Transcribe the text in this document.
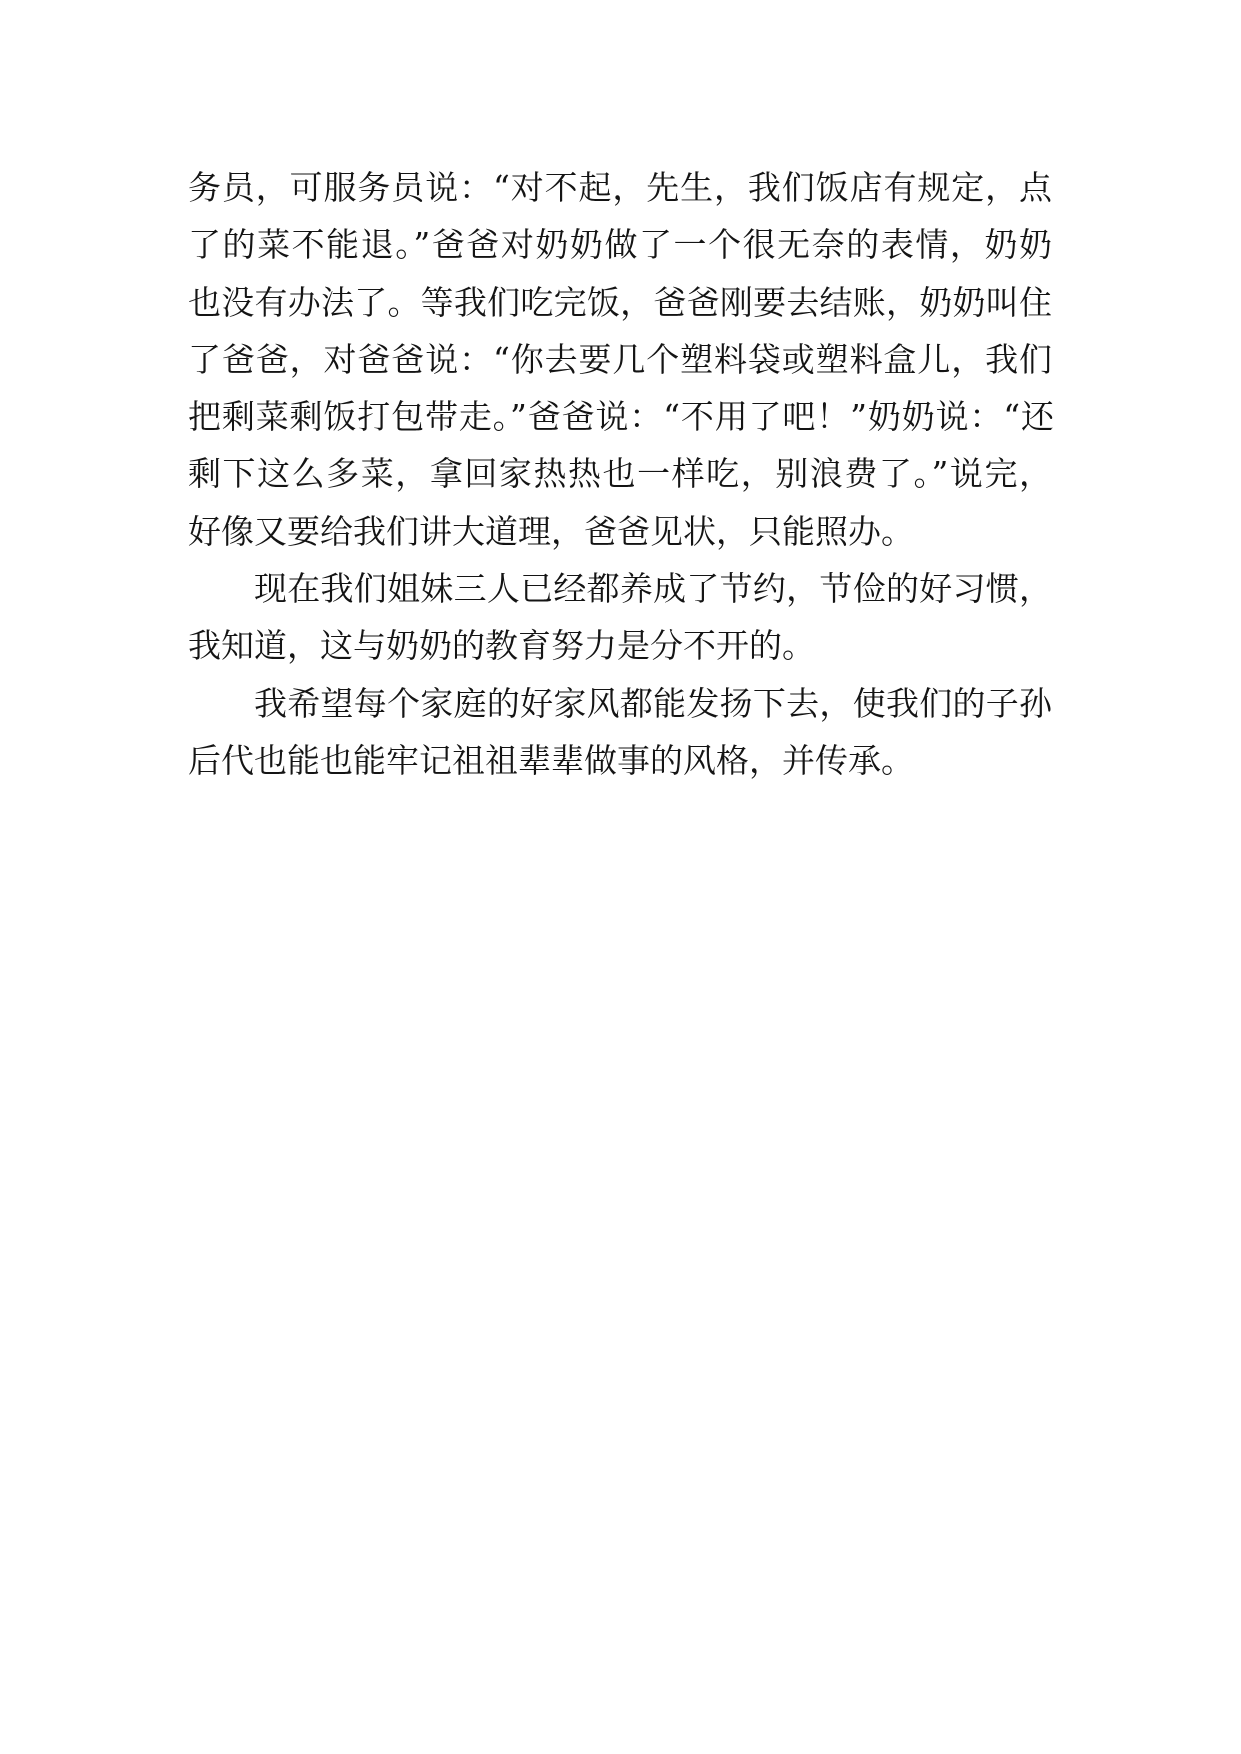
务员，可服务员说：“对不起，先生，我们饭店有规定，点
了的菜不能退。”爸爸对奶奶做了一个很无奈的表情，奶奶
也没有办法了。等我们吃完饭，爸爸刚要去结账，奶奶叫住
了爸爸，对爸爸说：“你去要几个塑料袋或塑料盒儿，我们
把剩菜剩饭打包带走。”爸爸说：“不用了吧！”奶奶说：“还
剩下这么多菜，拿回家热热也一样吃，别浪费了。”说完，
好像又要给我们讲大道理，爸爸见状，只能照办。
现在我们姐妹三人已经都养成了节约，节俭的好习惯，
我知道，这与奶奶的教育努力是分不开的。
我希望每个家庭的好家风都能发扬下去，使我们的子孙
后代也能也能牢记祖祖辈辈做事的风格，并传承。
